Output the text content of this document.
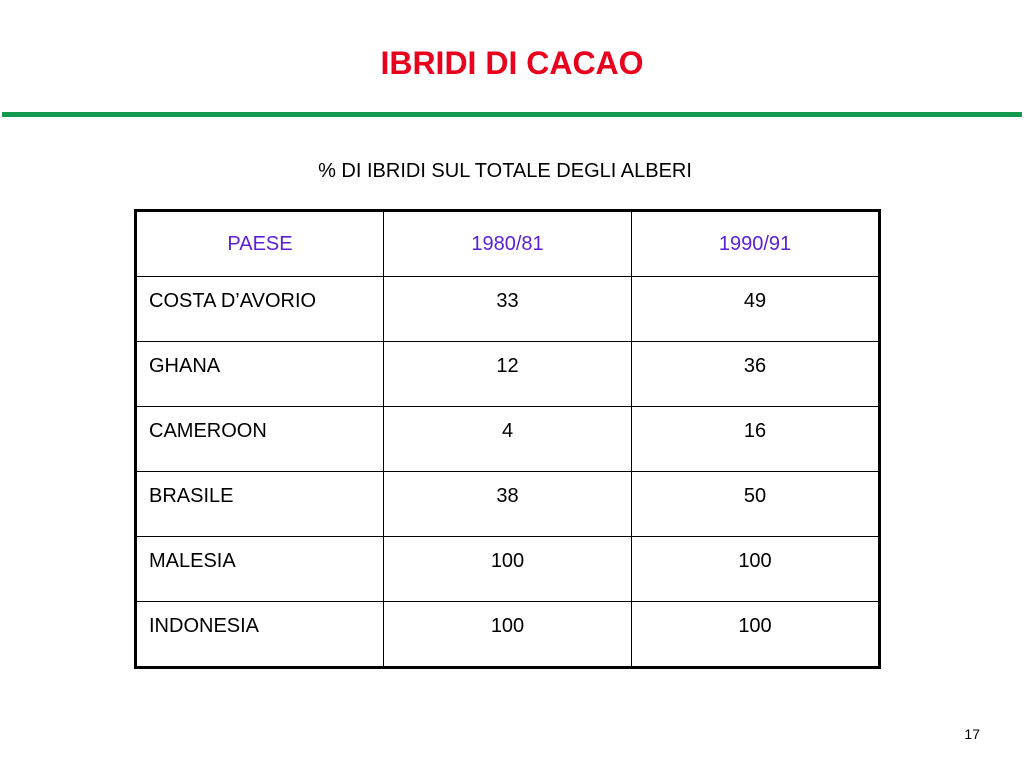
IBRIDI DI CACAO

% DI IBRIDI SUL TOTALE DEGLI ALBERI

PAESE	1980/81	1990/91
COSTA D’AVORIO	33	49
GHANA	12	36
CAMEROON	4	16
BRASILE	38	50
MALESIA	100	100
INDONESIA	100	100
17
